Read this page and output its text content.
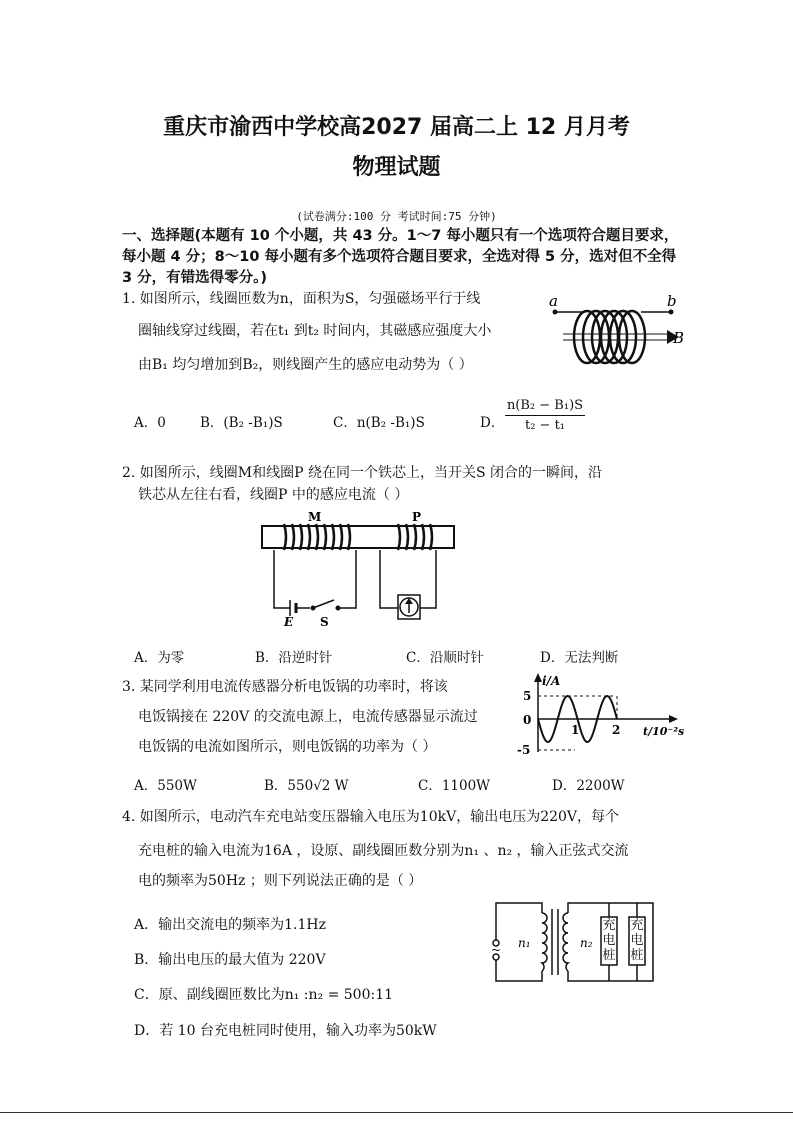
重庆市渝西中学校高2027 届高二上 12 月月考
物理试题
(试卷满分:100 分 考试时间:75 分钟)
一、选择题(本题有 10 个小题，共 43 分。1～7 每小题只有一个选项符合题目要求，每小题 4 分；8～10 每小题有多个选项符合题目要求，全选对得 5 分，选对但不全得 3 分，有错选得零分。)
1. 如图所示，线圈匝数为n，面积为S，匀强磁场平行于线
圈轴线穿过线圈，若在t₁ 到t₂ 时间内，其磁感应强度大小
由B₁ 均匀增加到B₂，则线圈产生的感应电动势为（ ）
a	b
B
A．0	B．(B₂ -B₁)S	C．n(B₂ -B₁)S	D． $\frac{\text{n(B₂ − B₁)S}}{\text{t₂ − t₁}}$
2. 如图所示，线圈M和线圈P 绕在同一个铁芯上，当开关S 闭合的一瞬间，沿
铁芯从左往右看，线圈P 中的感应电流（ ）
M	P
E S
A．为零	B．沿逆时针	C．沿顺时针	D．无法判断
3. 某同学利用电流传感器分析电饭锅的功率时，将该
电饭锅接在 220V 的交流电源上，电流传感器显示流过
电饭锅的电流如图所示，则电饭锅的功率为（ ）
i/A
t/10⁻²s
5
0
-5
1	2
A．550W	B．550√2 W	C．1100W	D．2200W
4. 如图所示，电动汽车充电站变压器输入电压为10kV，输出电压为220V，每个
充电桩的输入电流为16A ，设原、副线圈匝数分别为n₁ 、n₂ ，输入正弦式交流
电的频率为50Hz ；则下列说法正确的是（ ）
A．输出交流电的频率为1.1Hz
B．输出电压的最大值为 220V
C．原、副线圈匝数比为n₁ :n₂ = 500:11
D．若 10 台充电桩同时使用，输入功率为50kW
~ n₁	n₂
充电桩
充电桩
